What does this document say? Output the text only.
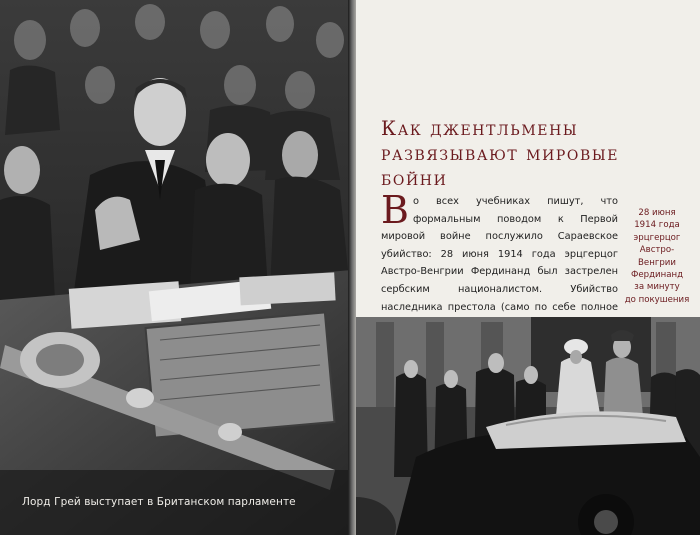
Лорд Грей выступает в Британском парламенте
Как джентльмены
развязывают мировые
бойни
В о всех учебниках пишут, что формальным поводом к Первой мировой войне послужило Сараевское убийство: 28 июня 1914 года эрцгерцог Австро-Венгрии Фердинанд был застрелен сербским националистом. Убийство наследника престола (само по себе полное
28 июня
1914 года
эрцгерцог
Австро-
Венгрии
Фердинанд
за минуту
до покушения
